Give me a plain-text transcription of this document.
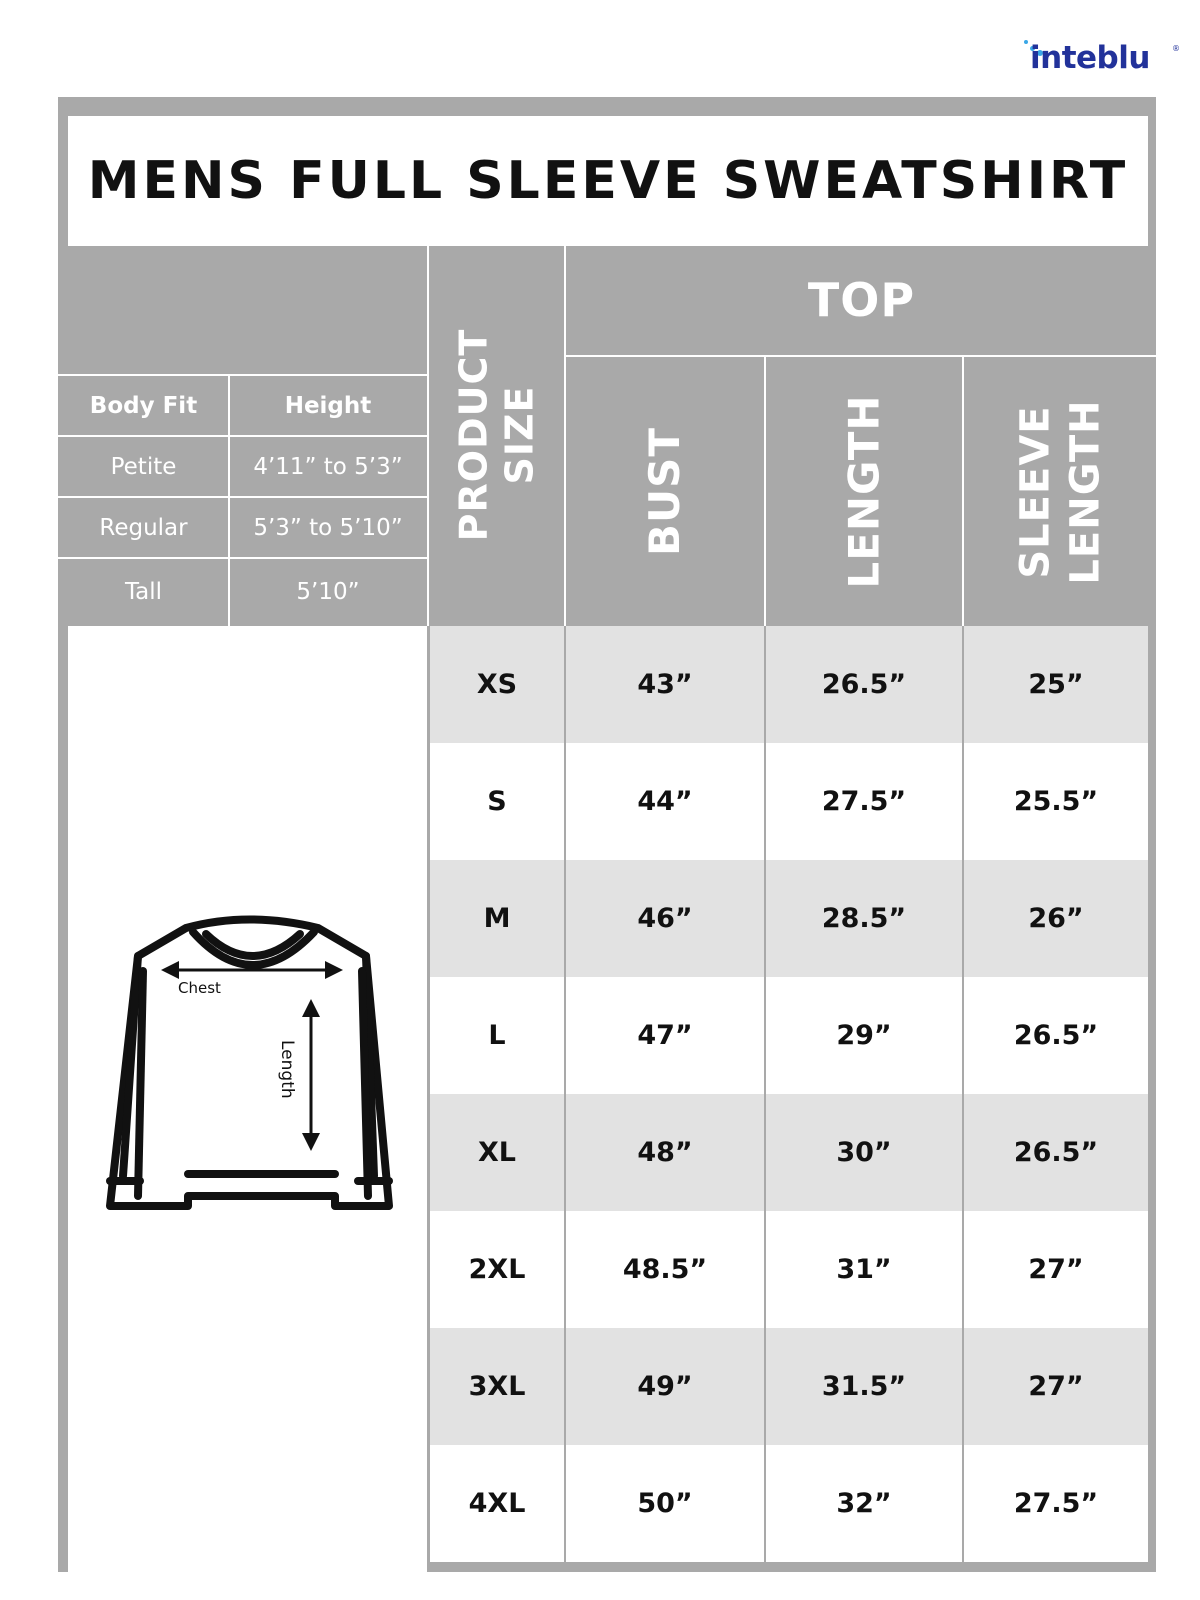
inteblu	®
MENS FULL SLEEVE SWEATSHIRT
Body Fit	Height
Petite	4’11” to 5’3”
Regular	5’3” to 5’10”
Tall	5’10”
PRODUCT SIZE
TOP
BUST	LENGTH	SLEEVE LENGTH
Chest
Length
XS	43”	26.5”	25”
S	44”	27.5”	25.5”
M	46”	28.5”	26”
L	47”	29”	26.5”
XL	48”	30”	26.5”
2XL	48.5”	31”	27”
3XL	49”	31.5”	27”
4XL	50”	32”	27.5”
